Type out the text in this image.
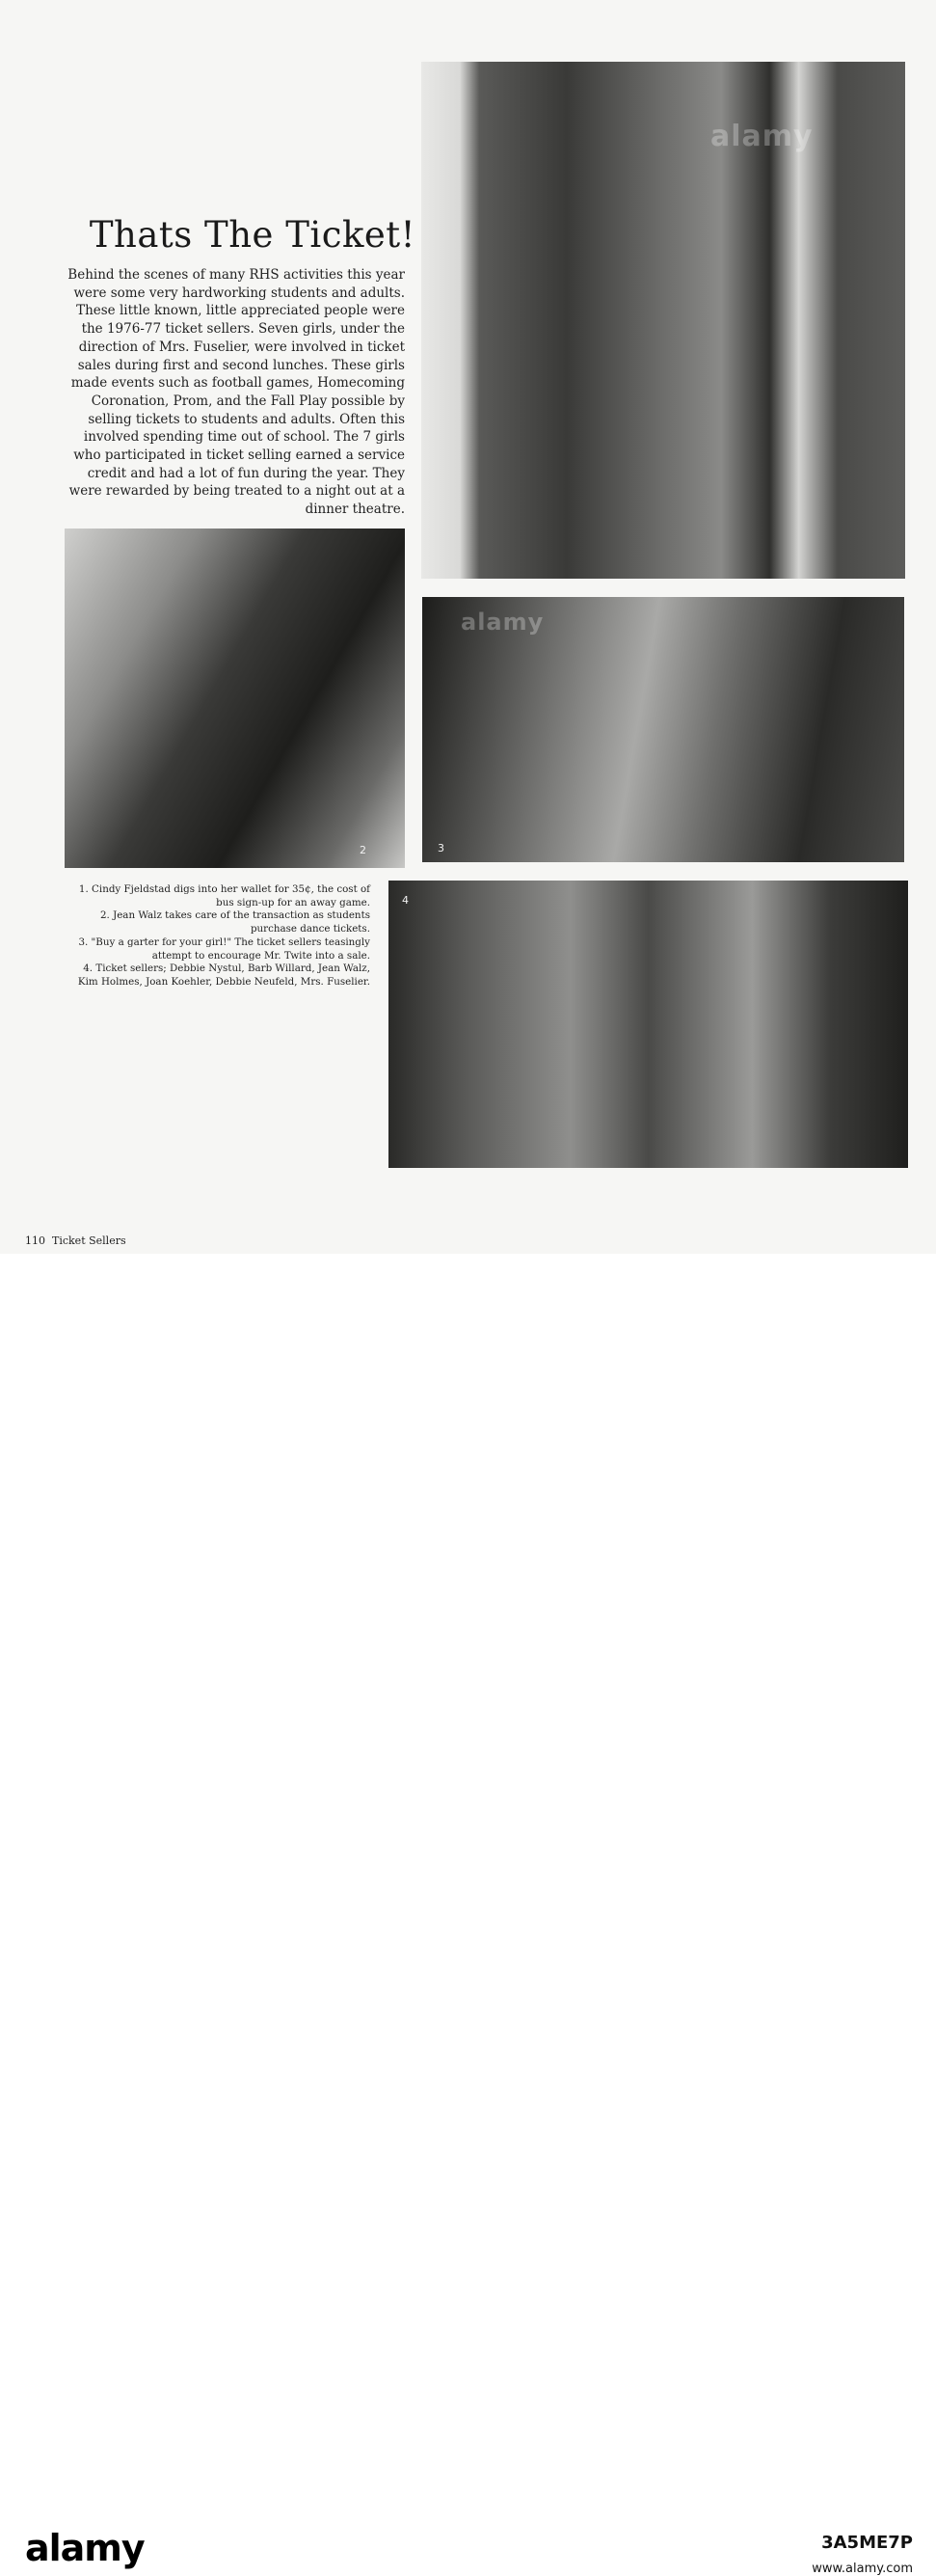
Thats The Ticket!
Behind the scenes of many RHS activities this year were some very hardworking students and adults. These little known, little appreciated people were the 1976-77 ticket sellers. Seven girls, under the direction of Mrs. Fuselier, were involved in ticket sales during first and second lunches. These girls made events such as football games, Homecoming Coronation, Prom, and the Fall Play possible by selling tickets to students and adults. Often this involved spending time out of school. The 7 girls who participated in ticket selling earned a service credit and had a lot of fun during the year. They were rewarded by being treated to a night out at a dinner theatre.
alamy
2	3
alamy
4

1. Cindy Fjeldstad digs into her wallet for 35¢, the cost of bus sign-up for an away game.

2. Jean Walz takes care of the transaction as students purchase dance tickets.

3. "Buy a garter for your girl!" The ticket sellers teasingly attempt to encourage Mr. Twite into a sale.

4. Ticket sellers; Debbie Nystul, Barb Willard, Jean Walz, Kim Holmes, Joan Koehler, Debbie Neufeld, Mrs. Fuselier.

110 Ticket Sellers
alamy	3A5ME7P
www.alamy.com
